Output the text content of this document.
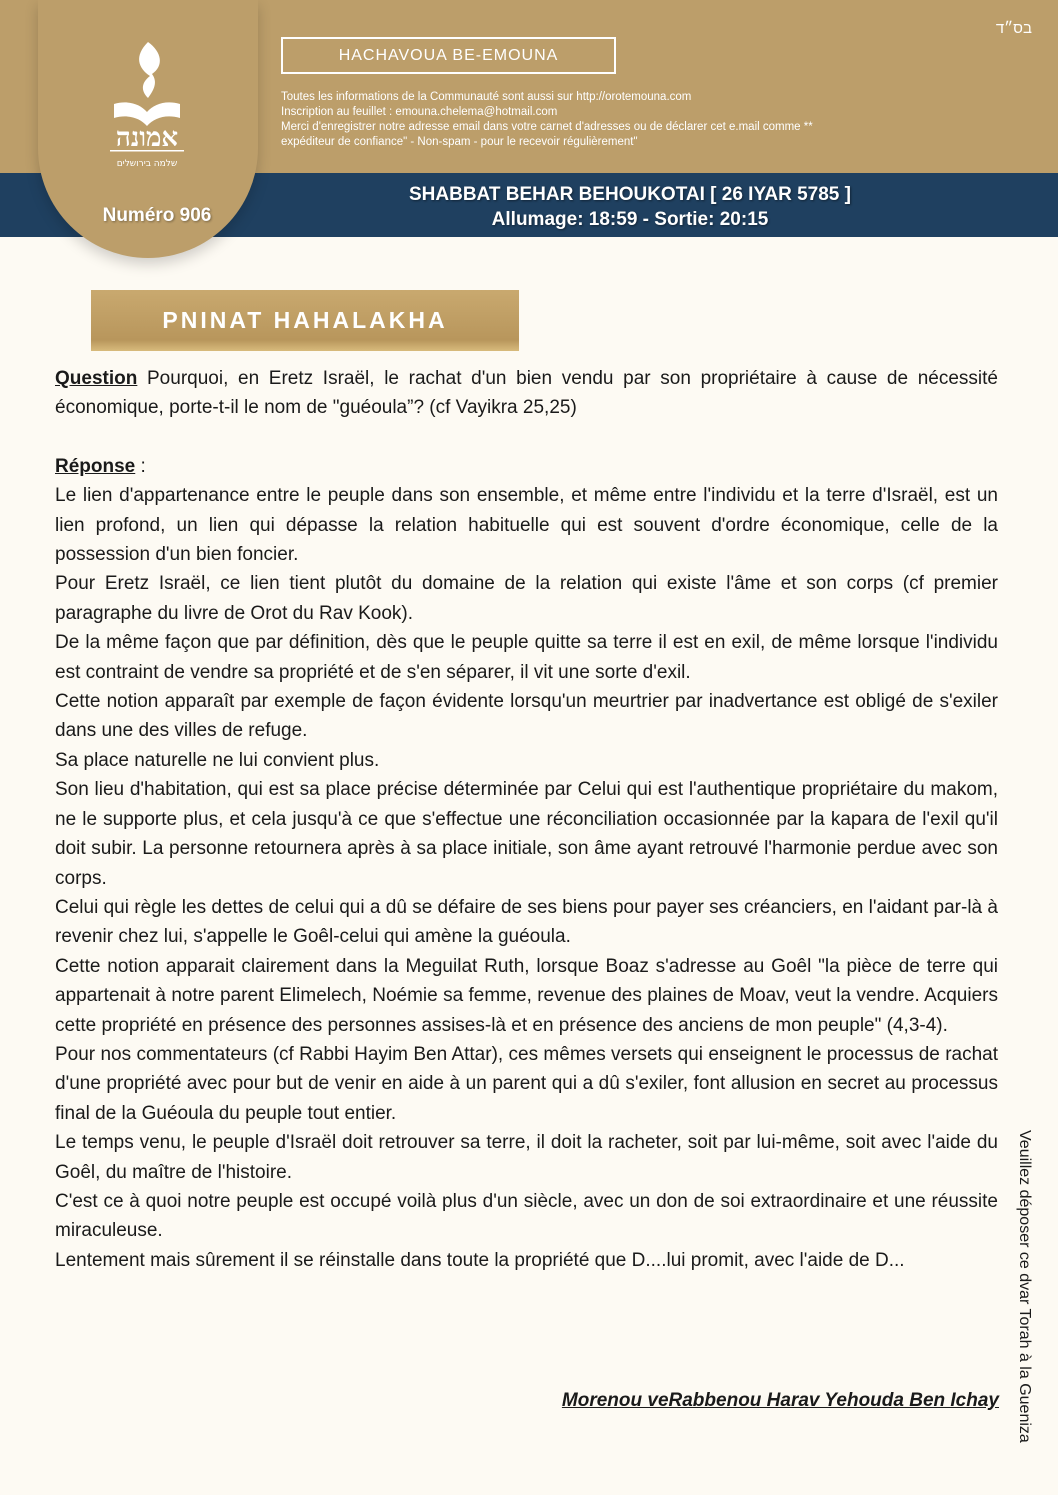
אמונה
שלמה בירושלים
Numéro 906
בס״ד
HACHAVOUA BE-EMOUNA
Toutes les informations de la Communauté sont aussi sur http://orotemouna.com
Inscription au feuillet : emouna.chelema@hotmail.com
Merci d'enregistrer notre adresse email dans votre carnet d'adresses ou de déclarer cet e.mail comme **
expéditeur de confiance" - Non-spam - pour le recevoir régulièrement"
SHABBAT BEHAR BEHOUKOTAI [ 26 IYAR 5785 ]
Allumage: 18:59 - Sortie: 20:15
PNINAT HAHALAKHA

Question Pourquoi, en Eretz Israël, le rachat d'un bien vendu par son propriétaire à cause de nécessité économique, porte-t-il le nom de "guéoula”? (cf Vayikra 25,25)

Réponse :

Le lien d'appartenance entre le peuple dans son ensemble, et même entre l'individu et la terre d'Israël, est un lien profond, un lien qui dépasse la relation habituelle qui est souvent d'ordre économique, celle de la possession d'un bien foncier.

Pour Eretz Israël, ce lien tient plutôt du domaine de la relation qui existe l'âme et son corps (cf premier paragraphe du livre de Orot du Rav Kook).

De la même façon que par définition, dès que le peuple quitte sa terre il est en exil, de même lorsque l'individu est contraint de vendre sa propriété et de s'en séparer, il vit une sorte d'exil.

Cette notion apparaît par exemple de façon évidente lorsqu'un meurtrier par inadvertance est obligé de s'exiler dans une des villes de refuge.

Sa place naturelle ne lui convient plus.

Son lieu d'habitation, qui est sa place précise déterminée par Celui qui est l'authentique propriétaire du makom, ne le supporte plus, et cela jusqu'à ce que s'effectue une réconciliation occasionnée par la kapara de l'exil qu'il doit subir. La personne retournera après à sa place initiale, son âme ayant retrouvé l'harmonie perdue avec son corps.

Celui qui règle les dettes de celui qui a dû se défaire de ses biens pour payer ses créanciers, en l'aidant par-là à revenir chez lui, s'appelle le Goêl-celui qui amène la guéoula.

Cette notion apparait clairement dans la Meguilat Ruth, lorsque Boaz s'adresse au Goêl "la pièce de terre qui appartenait à notre parent Elimelech, Noémie sa femme, revenue des plaines de Moav, veut la vendre. Acquiers cette propriété en présence des personnes assises-là et en présence des anciens de mon peuple" (4,3-4).

Pour nos commentateurs (cf Rabbi Hayim Ben Attar), ces mêmes versets qui enseignent le processus de rachat d'une propriété avec pour but de venir en aide à un parent qui a dû s'exiler, font allusion en secret au processus final de la Guéoula du peuple tout entier.

Le temps venu, le peuple d'Israël doit retrouver sa terre, il doit la racheter, soit par lui-même, soit avec l'aide du Goêl, du maître de l'histoire.

C'est ce à quoi notre peuple est occupé voilà plus d'un siècle, avec un don de soi extraordinaire et une réussite miraculeuse.

Lentement mais sûrement il se réinstalle dans toute la propriété que D....lui promit, avec l'aide de D...

Morenou veRabbenou Harav Yehouda Ben Ichay Veuillez déposer ce dvar Torah à la Guenizа
